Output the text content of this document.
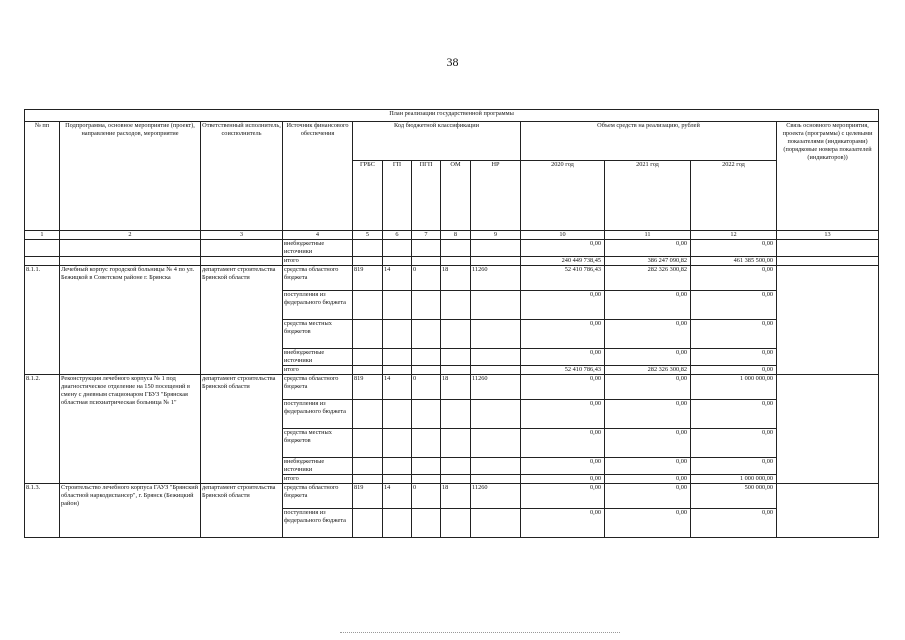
38
План реализации государственной программы												
№ пп	Подпрограмма, основное мероприятие (проект), направление расходов, мероприятие	Ответственный исполнитель, соисполнитель	Источник финансового обеспечения	Код бюджетной классификации					Объем средств на реализацию, рублей			Связь основного мероприятия, проекта (программы) с целевыми показателями (индикаторами) (порядковые номера показателей (индикаторов))
				ГРБС	ГП	ПГП	ОМ	НР	2020 год	2021 год	2022 год	
1	2	3	4	5	6	7	8	9	10	11	12	13
			внебюджетные источники						0,00	0,00	0,00	
			итого						240 449 738,45	386 247 090,82	461 385 500,00	
8.1.1.	Лечебный корпус городской больницы № 4 по ул. Бежицкой в Советском районе г. Брянска	департамент строительства Брянской области	средства областного бюджета	819	14	0	18	11260	52 410 786,43	282 326 300,82	0,00	
			поступления из федерального бюджета						0,00	0,00	0,00	
			средства местных бюджетов						0,00	0,00	0,00	
			внебюджетные источники						0,00	0,00	0,00	
			итого						52 410 786,43	282 326 300,82	0,00	
8.1.2.	Реконструкция лечебного корпуса № 1 под диагностическое отделение на 150 посещений в смену с дневным стационаром ГБУЗ "Брянская областная психиатрическая больница № 1"	департамент строительства Брянской области	средства областного бюджета	819	14	0	18	11260	0,00	0,00	1 000 000,00	
			поступления из федерального бюджета						0,00	0,00	0,00	
			средства местных бюджетов						0,00	0,00	0,00	
			внебюджетные источники						0,00	0,00	0,00	
			итого						0,00	0,00	1 000 000,00	
8.1.3.	Строительство лечебного корпуса ГАУЗ "Брянский областной наркодиспансер", г. Брянск (Бежицкий район)	департамент строительства Брянской области	средства областного бюджета	819	14	0	18	11260	0,00	0,00	500 000,00	
			поступления из федерального бюджета						0,00	0,00	0,00	
